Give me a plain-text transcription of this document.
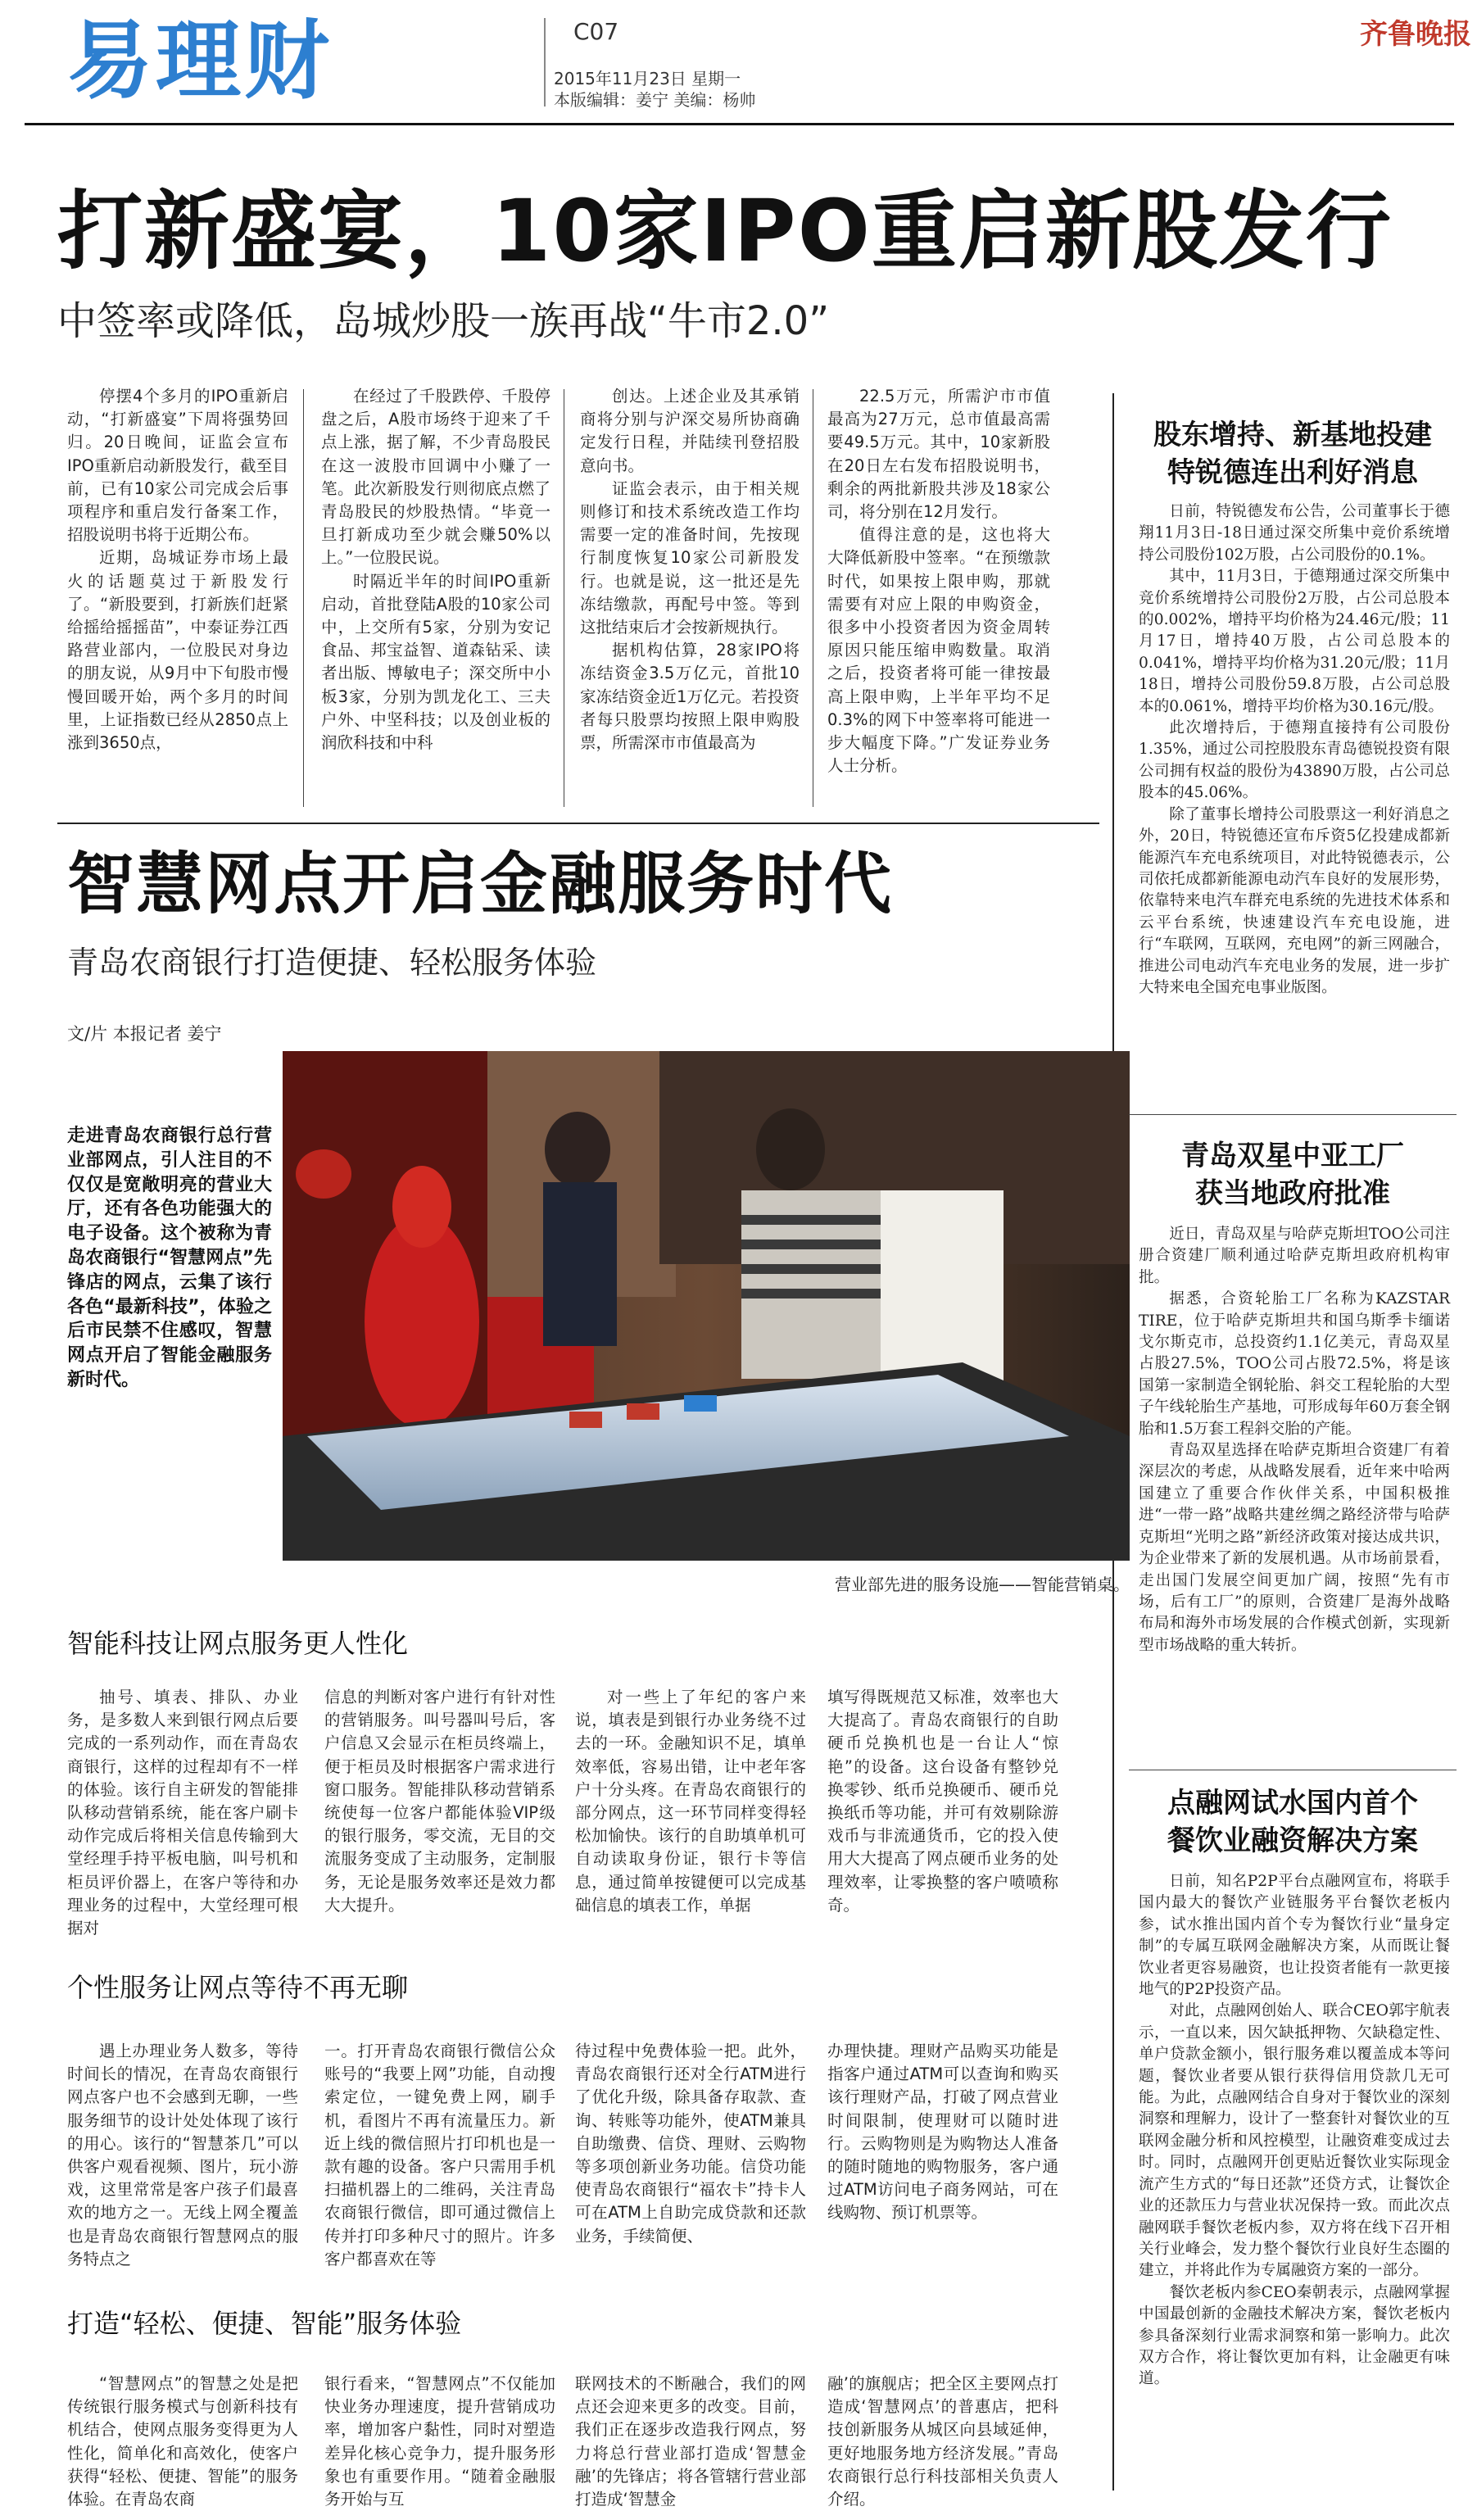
易理财	C07
2015年11月23日 星期一
本版编辑：姜宁 美编：杨帅
齐鲁晚报
打新盛宴，10家IPO重启新股发行
中签率或降低，岛城炒股一族再战“牛市2.0”

停摆4个多月的IPO重新启动，“打新盛宴”下周将强势回归。20日晚间，证监会宣布IPO重新启动新股发行，截至目前，已有10家公司完成会后事项程序和重启发行备案工作，招股说明书将于近期公布。

近期，岛城证券市场上最火的话题莫过于新股发行了。“新股要到，打新族们赶紧给摇给摇摇苗”，中泰证券江西路营业部内，一位股民对身边的朋友说，从9月中下旬股市慢慢回暖开始，两个多月的时间里，上证指数已经从2850点上涨到3650点，

在经过了千股跌停、千股停盘之后，A股市场终于迎来了千点上涨，据了解，不少青岛股民在这一波股市回调中小赚了一笔。此次新股发行则彻底点燃了青岛股民的炒股热情。“毕竟一旦打新成功至少就会赚50%以上。”一位股民说。

时隔近半年的时间IPO重新启动，首批登陆A股的10家公司中，上交所有5家，分别为安记食品、邦宝益智、道森钻采、读者出版、博敏电子；深交所中小板3家，分别为凯龙化工、三夫户外、中坚科技；以及创业板的润欣科技和中科

创达。上述企业及其承销商将分别与沪深交易所协商确定发行日程，并陆续刊登招股意向书。

证监会表示，由于相关规则修订和技术系统改造工作均需要一定的准备时间，先按现行制度恢复10家公司新股发行。也就是说，这一批还是先冻结缴款，再配号中签。等到这批结束后才会按新规执行。

据机构估算，28家IPO将冻结资金3.5万亿元，首批10家冻结资金近1万亿元。若投资者每只股票均按照上限申购股票，所需深市市值最高为

22.5万元，所需沪市市值最高为27万元，总市值最高需要49.5万元。其中，10家新股在20日左右发布招股说明书，剩余的两批新股共涉及18家公司，将分别在12月发行。

值得注意的是，这也将大大降低新股中签率。“在预缴款时代，如果按上限申购，那就需要有对应上限的申购资金，很多中小投资者因为资金周转原因只能压缩申购数量。取消之后，投资者将可能一律按最高上限申购，上半年平均不足0.3%的网下中签率将可能进一步大幅度下降。”广发证券业务人士分析。

智慧网点开启金融服务时代
青岛农商银行打造便捷、轻松服务体验
文/片 本报记者 姜宁
营业部先进的服务设施——智能营销桌。
走进青岛农商银行总行营业部网点，引人注目的不仅仅是宽敞明亮的营业大厅，还有各色功能强大的电子设备。这个被称为青岛农商银行“智慧网点”先锋店的网点，云集了该行各色“最新科技”，体验之后市民禁不住感叹，智慧网点开启了智能金融服务新时代。
智能科技让网点服务更人性化

抽号、填表、排队、办业务，是多数人来到银行网点后要完成的一系列动作，而在青岛农商银行，这样的过程却有不一样的体验。该行自主研发的智能排队移动营销系统，能在客户刷卡动作完成后将相关信息传输到大堂经理手持平板电脑，叫号机和柜员评价器上，在客户等待和办理业务的过程中，大堂经理可根据对

信息的判断对客户进行有针对性的营销服务。叫号器叫号后，客户信息又会显示在柜员终端上，便于柜员及时根据客户需求进行窗口服务。智能排队移动营销系统使每一位客户都能体验VIP级的银行服务，零交流，无目的交流服务变成了主动服务，定制服务，无论是服务效率还是效力都大大提升。

对一些上了年纪的客户来说，填表是到银行办业务绕不过去的一环。金融知识不足，填单效率低，容易出错，让中老年客户十分头疼。在青岛农商银行的部分网点，这一环节同样变得轻松加愉快。该行的自助填单机可自动读取身份证，银行卡等信息，通过简单按键便可以完成基础信息的填表工作，单据

填写得既规范又标准，效率也大大提高了。青岛农商银行的自助硬币兑换机也是一台让人“惊艳”的设备。这台设备有整钞兑换零钞、纸币兑换硬币、硬币兑换纸币等功能，并可有效剔除游戏币与非流通货币，它的投入使用大大提高了网点硬币业务的处理效率，让零换整的客户喷喷称奇。

个性服务让网点等待不再无聊

遇上办理业务人数多，等待时间长的情况，在青岛农商银行网点客户也不会感到无聊，一些服务细节的设计处处体现了该行的用心。该行的“智慧茶几”可以供客户观看视频、图片，玩小游戏，这里常常是客户孩子们最喜欢的地方之一。无线上网全覆盖也是青岛农商银行智慧网点的服务特点之

一。打开青岛农商银行微信公众账号的“我要上网”功能，自动搜索定位，一键免费上网，刷手机，看图片不再有流量压力。新近上线的微信照片打印机也是一款有趣的设备。客户只需用手机扫描机器上的二维码，关注青岛农商银行微信，即可通过微信上传并打印多种尺寸的照片。许多客户都喜欢在等

待过程中免费体验一把。此外，青岛农商银行还对全行ATM进行了优化升级，除具备存取款、查询、转账等功能外，使ATM兼具自助缴费、信贷、理财、云购物等多项创新业务功能。信贷功能使青岛农商银行“福农卡”持卡人可在ATM上自助完成贷款和还款业务，手续简便、

办理快捷。理财产品购买功能是指客户通过ATM可以查询和购买该行理财产品，打破了网点营业时间限制，使理财可以随时进行。云购物则是为购物达人准备的随时随地的购物服务，客户通过ATM访问电子商务网站，可在线购物、预订机票等。

打造“轻松、便捷、智能”服务体验

“智慧网点”的智慧之处是把传统银行服务模式与创新科技有机结合，使网点服务变得更为人性化，简单化和高效化，使客户获得“轻松、便捷、智能”的服务体验。在青岛农商

银行看来，“智慧网点”不仅能加快业务办理速度，提升营销成功率，增加客户黏性，同时对塑造差异化核心竞争力，提升服务形象也有重要作用。“随着金融服务开始与互

联网技术的不断融合，我们的网点还会迎来更多的改变。目前，我们正在逐步改造我行网点，努力将总行营业部打造成‘智慧金融’的先锋店；将各管辖行营业部打造成‘智慧金

融’的旗舰店；把全区主要网点打造成‘智慧网点’的普惠店，把科技创新服务从城区向县域延伸，更好地服务地方经济发展。”青岛农商银行总行科技部相关负责人介绍。

股东增持、新基地投建
特锐德连出利好消息

日前，特锐德发布公告，公司董事长于德翔11月3日-18日通过深交所集中竞价系统增持公司股份102万股，占公司股份的0.1%。

其中，11月3日，于德翔通过深交所集中竞价系统增持公司股份2万股，占公司总股本的0.002%，增持平均价格为24.46元/股；11月17日，增持40万股，占公司总股本的0.041%，增持平均价格为31.20元/股；11月18日，增持公司股份59.8万股，占公司总股本的0.061%，增持平均价格为30.16元/股。

此次增持后，于德翔直接持有公司股份1.35%，通过公司控股股东青岛德锐投资有限公司拥有权益的股份为43890万股，占公司总股本的45.06%。

除了董事长增持公司股票这一利好消息之外，20日，特锐德还宣布斥资5亿投建成都新能源汽车充电系统项目，对此特锐德表示，公司依托成都新能源电动汽车良好的发展形势，依靠特来电汽车群充电系统的先进技术体系和云平台系统，快速建设汽车充电设施，进行“车联网，互联网，充电网”的新三网融合，推进公司电动汽车充电业务的发展，进一步扩大特来电全国充电事业版图。

青岛双星中亚工厂
获当地政府批准

近日，青岛双星与哈萨克斯坦TOO公司注册合资建厂顺利通过哈萨克斯坦政府机构审批。

据悉，合资轮胎工厂名称为KAZSTAR TIRE，位于哈萨克斯坦共和国乌斯季卡缅诺戈尔斯克市，总投资约1.1亿美元，青岛双星占股27.5%，TOO公司占股72.5%，将是该国第一家制造全钢轮胎、斜交工程轮胎的大型子午线轮胎生产基地，可形成每年60万套全钢胎和1.5万套工程斜交胎的产能。

青岛双星选择在哈萨克斯坦合资建厂有着深层次的考虑，从战略发展看，近年来中哈两国建立了重要合作伙伴关系，中国积极推进“一带一路”战略共建丝绸之路经济带与哈萨克斯坦“光明之路”新经济政策对接达成共识，为企业带来了新的发展机遇。从市场前景看，走出国门发展空间更加广阔，按照“先有市场，后有工厂”的原则，合资建厂是海外战略布局和海外市场发展的合作模式创新，实现新型市场战略的重大转折。

点融网试水国内首个
餐饮业融资解决方案

日前，知名P2P平台点融网宣布，将联手国内最大的餐饮产业链服务平台餐饮老板内参，试水推出国内首个专为餐饮行业“量身定制”的专属互联网金融解决方案，从而既让餐饮业者更容易融资，也让投资者能有一款更接地气的P2P投资产品。

对此，点融网创始人、联合CEO郭宇航表示，一直以来，因欠缺抵押物、欠缺稳定性、单户贷款金额小，银行服务难以覆盖成本等问题，餐饮业者要从银行获得信用贷款几无可能。为此，点融网结合自身对于餐饮业的深刻洞察和理解力，设计了一整套针对餐饮业的互联网金融分析和风控模型，让融资难变成过去时。同时，点融网开创更贴近餐饮业实际现金流产生方式的“每日还款”还贷方式，让餐饮企业的还款压力与营业状况保持一致。而此次点融网联手餐饮老板内参，双方将在线下召开相关行业峰会，发力整个餐饮行业良好生态圈的建立，并将此作为专属融资方案的一部分。

餐饮老板内参CEO秦朝表示，点融网掌握中国最创新的金融技术解决方案，餐饮老板内参具备深刻行业需求洞察和第一影响力。此次双方合作，将让餐饮更加有料，让金融更有味道。
